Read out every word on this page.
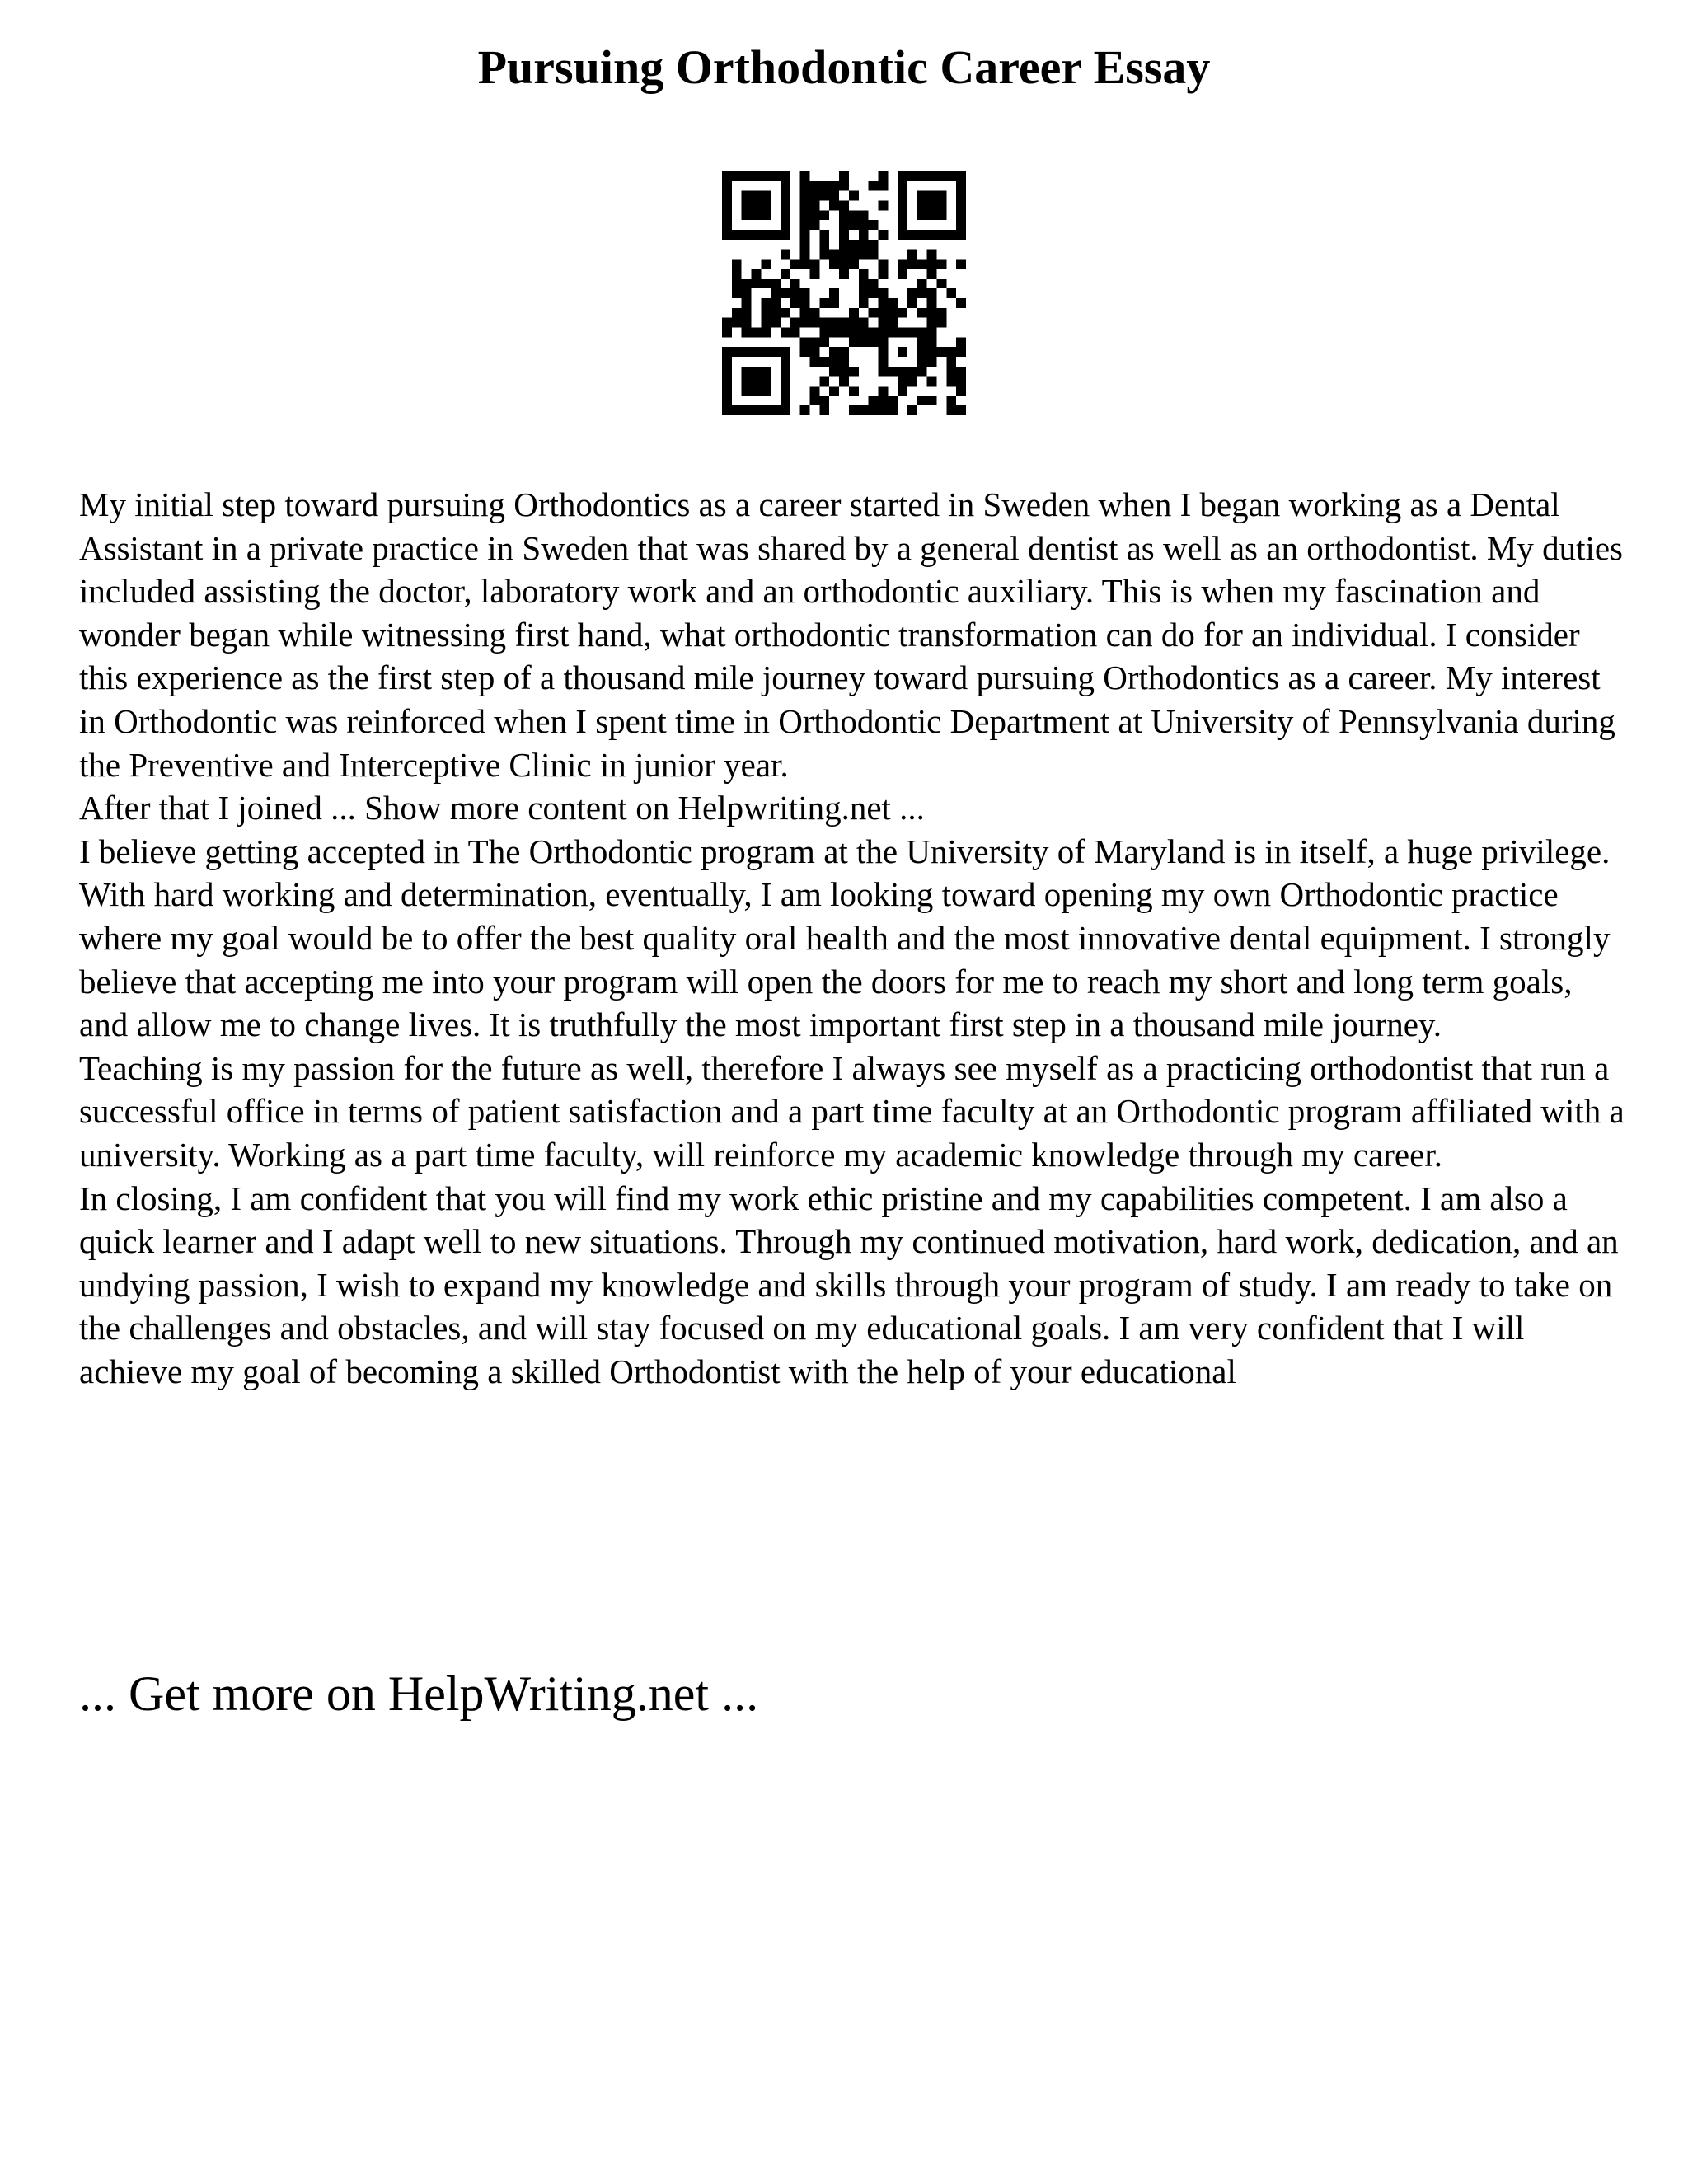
Pursuing Orthodontic Career Essay

My initial step toward pursuing Orthodontics as a career started in Sweden when I began working as a Dental Assistant in a private practice in Sweden that was shared by a general dentist as well as an orthodontist. My duties included assisting the doctor, laboratory work and an orthodontic auxiliary. This is when my fascination and wonder began while witnessing first hand, what orthodontic transformation can do for an individual. I consider this experience as the first step of a thousand mile journey toward pursuing Orthodontics as a career. My interest in Orthodontic was reinforced when I spent time in Orthodontic Department at University of Pennsylvania during the Preventive and Interceptive Clinic in junior year.

After that I joined ... Show more content on Helpwriting.net ...

I believe getting accepted in The Orthodontic program at the University of Maryland is in itself, a huge privilege.

With hard working and determination, eventually, I am looking toward opening my own Orthodontic practice where my goal would be to offer the best quality oral health and the most innovative dental equipment. I strongly believe that accepting me into your program will open the doors for me to reach my short and long term goals, and allow me to change lives. It is truthfully the most important first step in a thousand mile journey.

Teaching is my passion for the future as well, therefore I always see myself as a practicing orthodontist that run a successful office in terms of patient satisfaction and a part time faculty at an Orthodontic program affiliated with a university. Working as a part time faculty, will reinforce my academic knowledge through my career.

In closing, I am confident that you will find my work ethic pristine and my capabilities competent. I am also a quick learner and I adapt well to new situations. Through my continued motivation, hard work, dedication, and an undying passion, I wish to expand my knowledge and skills through your program of study. I am ready to take on the challenges and obstacles, and will stay focused on my educational goals. I am very confident that I will achieve my goal of becoming a skilled Orthodontist with the help of your educational

... Get more on HelpWriting.net ...
